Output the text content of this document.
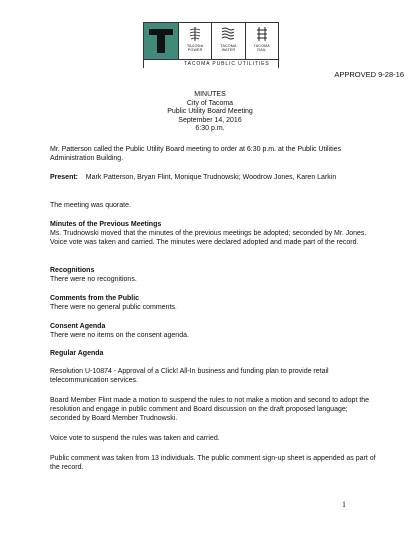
TACOMA
POWER
TACOMA
WATER
TACOMA
RAIL
TACOMA PUBLIC UTILITIES
APPROVED 9-28-16
MINUTES
City of Tacoma
Public Utility Board Meeting
September 14, 2016
6:30 p.m.
Mr. Patterson called the Public Utility Board meeting to order at 6:30 p.m. at the Public Utilities Administration Building.
Present: Mark Patterson, Bryan Flint, Monique Trudnowski; Woodrow Jones, Karen Larkin
The meeting was quorate.
Minutes of the Previous Meetings
Ms. Trudnowski moved that the minutes of the previous meetings be adopted; seconded by Mr. Jones. Voice vote was taken and carried. The minutes were declared adopted and made part of the record.
Recognitions
There were no recognitions.
Comments from the Public
There were no general public comments.
Consent Agenda
There were no items on the consent agenda.
Regular Agenda
Resolution U-10874 - Approval of a Click! All-In business and funding plan to provide retail telecommunication services.
Board Member Flint made a motion to suspend the rules to not make a motion and second to adopt the resolution and engage in public comment and Board discussion on the draft proposed language; seconded by Board Member Trudnowski.
Voice vote to suspend the rules was taken and carried.
Public comment was taken from 13 individuals. The public comment sign-up sheet is appended as part of the record.
1
